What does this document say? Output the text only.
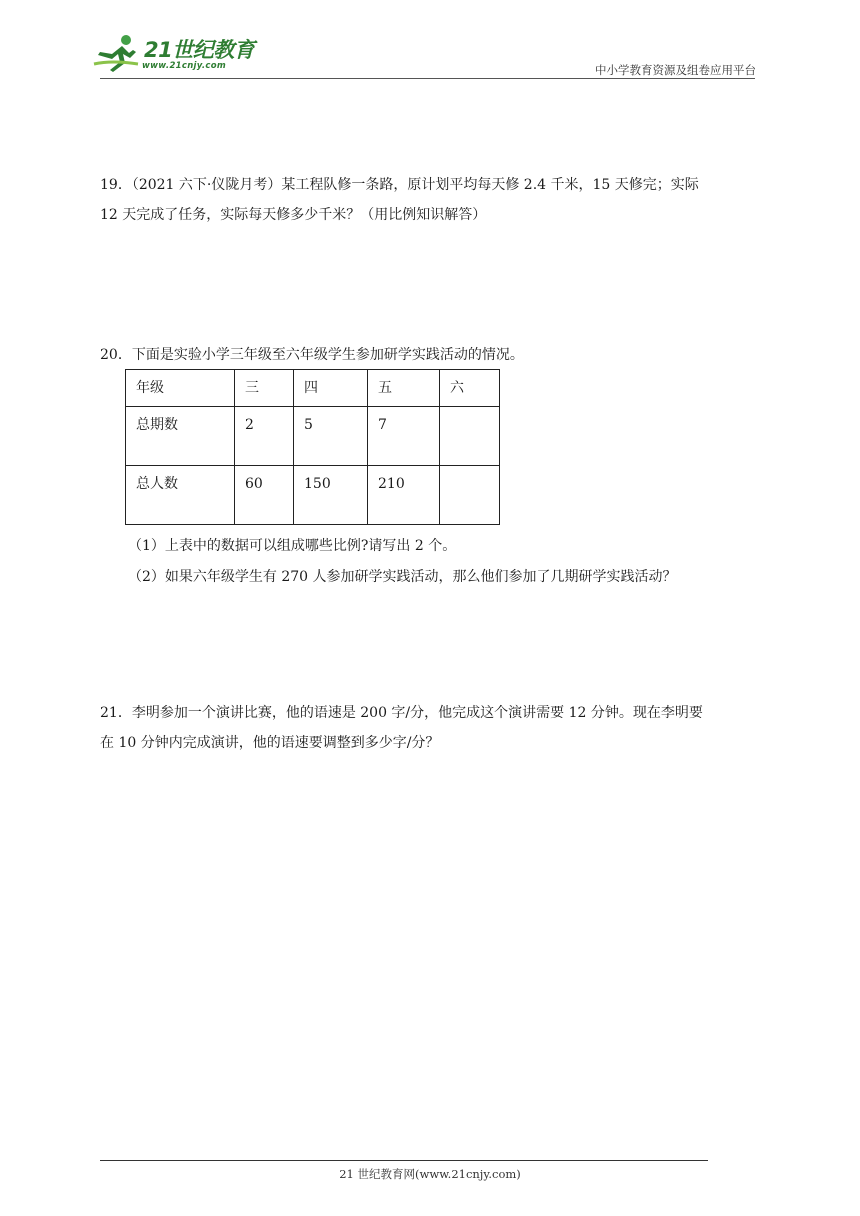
21世纪教育
www.21cnjy.com	中小学教育资源及组卷应用平台
19．（2021 六下·仪陇月考）某工程队修一条路，原计划平均每天修 2.4 千米，15 天修完；实际
12 天完成了任务，实际每天修多少千米？（用比例知识解答）
20．下面是实验小学三年级至六年级学生参加研学实践活动的情况。
年级	三	四	五	六
总期数	2	5	7	
总人数	60	150	210	
（1）上表中的数据可以组成哪些比例?请写出 2 个。
（2）如果六年级学生有 270 人参加研学实践活动，那么他们参加了几期研学实践活动？
21．李明参加一个演讲比赛，他的语速是 200 字/分，他完成这个演讲需要 12 分钟。现在李明要
在 10 分钟内完成演讲，他的语速要调整到多少字/分？
21 世纪教育网(www.21cnjy.com)
